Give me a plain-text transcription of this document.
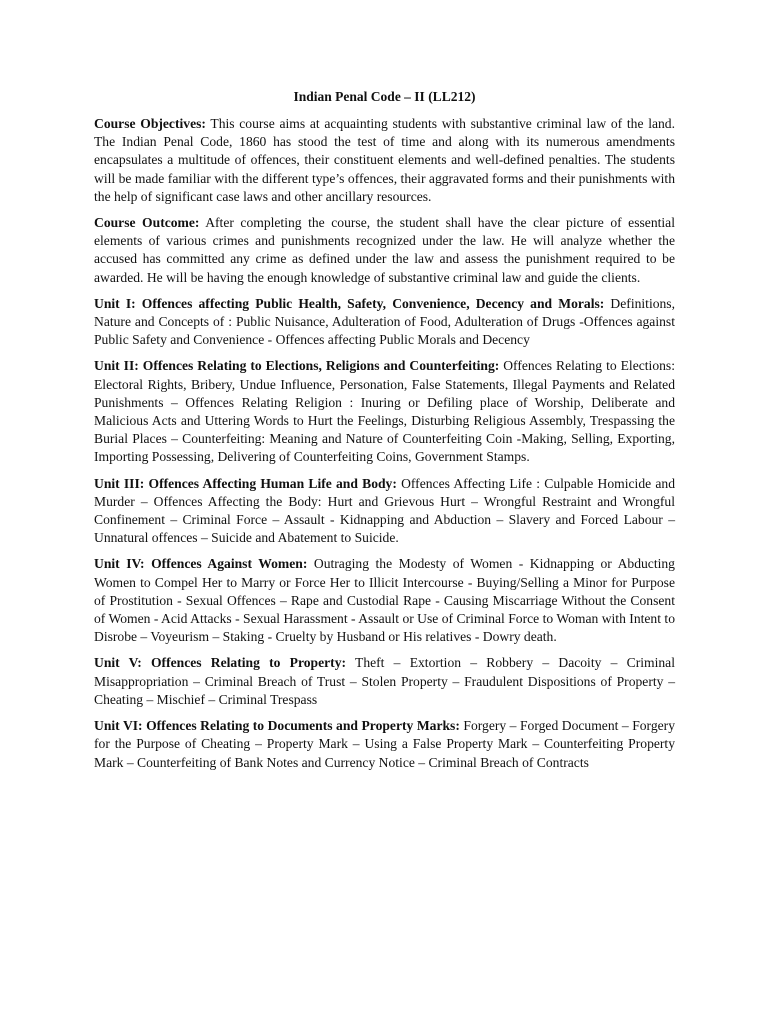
Indian Penal Code – II (LL212)

Course Objectives: This course aims at acquainting students with substantive criminal law of the land. The Indian Penal Code, 1860 has stood the test of time and along with its numerous amendments encapsulates a multitude of offences, their constituent elements and well-defined penalties. The students will be made familiar with the different type’s offences, their aggravated forms and their punishments with the help of significant case laws and other ancillary resources.

Course Outcome: After completing the course, the student shall have the clear picture of essential elements of various crimes and punishments recognized under the law. He will analyze whether the accused has committed any crime as defined under the law and assess the punishment required to be awarded. He will be having the enough knowledge of substantive criminal law and guide the clients.

Unit I: Offences affecting Public Health, Safety, Convenience, Decency and Morals: Definitions, Nature and Concepts of : Public Nuisance, Adulteration of Food, Adulteration of Drugs -Offences against Public Safety and Convenience - Offences affecting Public Morals and Decency

Unit II: Offences Relating to Elections, Religions and Counterfeiting: Offences Relating to Elections: Electoral Rights, Bribery, Undue Influence, Personation, False Statements, Illegal Payments and Related Punishments – Offences Relating Religion : Inuring or Defiling place of Worship, Deliberate and Malicious Acts and Uttering Words to Hurt the Feelings, Disturbing Religious Assembly, Trespassing the Burial Places – Counterfeiting: Meaning and Nature of Counterfeiting Coin -Making, Selling, Exporting, Importing Possessing, Delivering of Counterfeiting Coins, Government Stamps.

Unit III: Offences Affecting Human Life and Body: Offences Affecting Life : Culpable Homicide and Murder – Offences Affecting the Body: Hurt and Grievous Hurt – Wrongful Restraint and Wrongful Confinement – Criminal Force – Assault - Kidnapping and Abduction – Slavery and Forced Labour –Unnatural offences – Suicide and Abatement to Suicide.

Unit IV: Offences Against Women: Outraging the Modesty of Women - Kidnapping or Abducting Women to Compel Her to Marry or Force Her to Illicit Intercourse - Buying/Selling a Minor for Purpose of Prostitution - Sexual Offences – Rape and Custodial Rape - Causing Miscarriage Without the Consent of Women - Acid Attacks - Sexual Harassment - Assault or Use of Criminal Force to Woman with Intent to Disrobe – Voyeurism – Staking - Cruelty by Husband or His relatives - Dowry death.

Unit V: Offences Relating to Property: Theft – Extortion – Robbery – Dacoity – Criminal Misappropriation – Criminal Breach of Trust – Stolen Property – Fraudulent Dispositions of Property –Cheating – Mischief – Criminal Trespass

Unit VI: Offences Relating to Documents and Property Marks: Forgery – Forged Document – Forgery for the Purpose of Cheating – Property Mark – Using a False Property Mark – Counterfeiting Property Mark – Counterfeiting of Bank Notes and Currency Notice – Criminal Breach of Contracts
